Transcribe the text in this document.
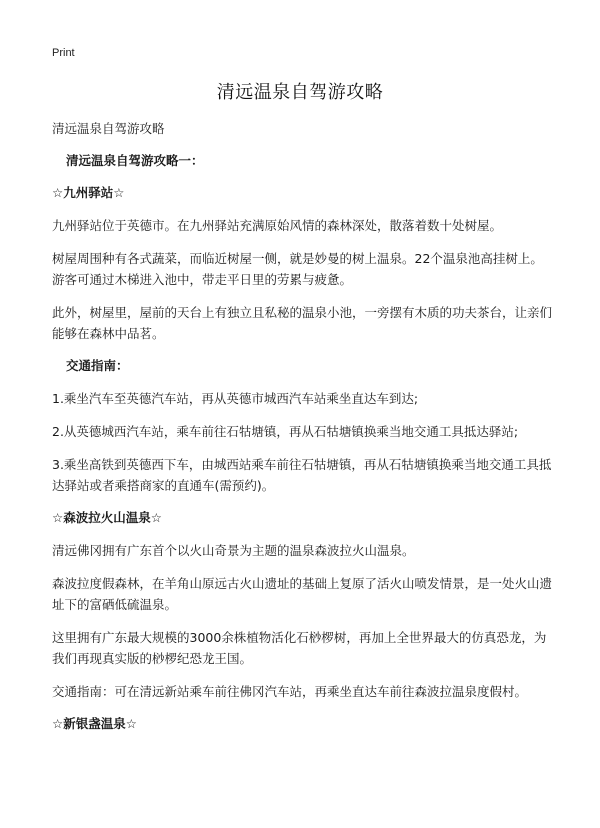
Print
清远温泉自驾游攻略

清远温泉自驾游攻略

清远温泉自驾游攻略一：

☆九州驿站☆

九州驿站位于英德市。在九州驿站充满原始风情的森林深处，散落着数十处树屋。

树屋周围种有各式蔬菜，而临近树屋一侧，就是妙曼的树上温泉。22个温泉池高挂树上。游客可通过木梯进入池中，带走平日里的劳累与疲惫。

此外，树屋里，屋前的天台上有独立且私秘的温泉小池，一旁摆有木质的功夫茶台，让亲们能够在森林中品茗。

交通指南：

1.乘坐汽车至英德汽车站，再从英德市城西汽车站乘坐直达车到达;

2.从英德城西汽车站，乘车前往石牯塘镇，再从石牯塘镇换乘当地交通工具抵达驿站;

3.乘坐高铁到英德西下车，由城西站乘车前往石牯塘镇，再从石牯塘镇换乘当地交通工具抵达驿站或者乘搭商家的直通车(需预约)。

☆森波拉火山温泉☆

清远佛冈拥有广东首个以火山奇景为主题的温泉森波拉火山温泉。

森波拉度假森林，在羊角山原远古火山遗址的基础上复原了活火山喷发情景，是一处火山遗址下的富硒低硫温泉。

这里拥有广东最大规模的3000余株植物活化石桫椤树，再加上全世界最大的仿真恐龙，为我们再现真实版的桫椤纪恐龙王国。

交通指南：可在清远新站乘车前往佛冈汽车站，再乘坐直达车前往森波拉温泉度假村。

☆新银盏温泉☆
